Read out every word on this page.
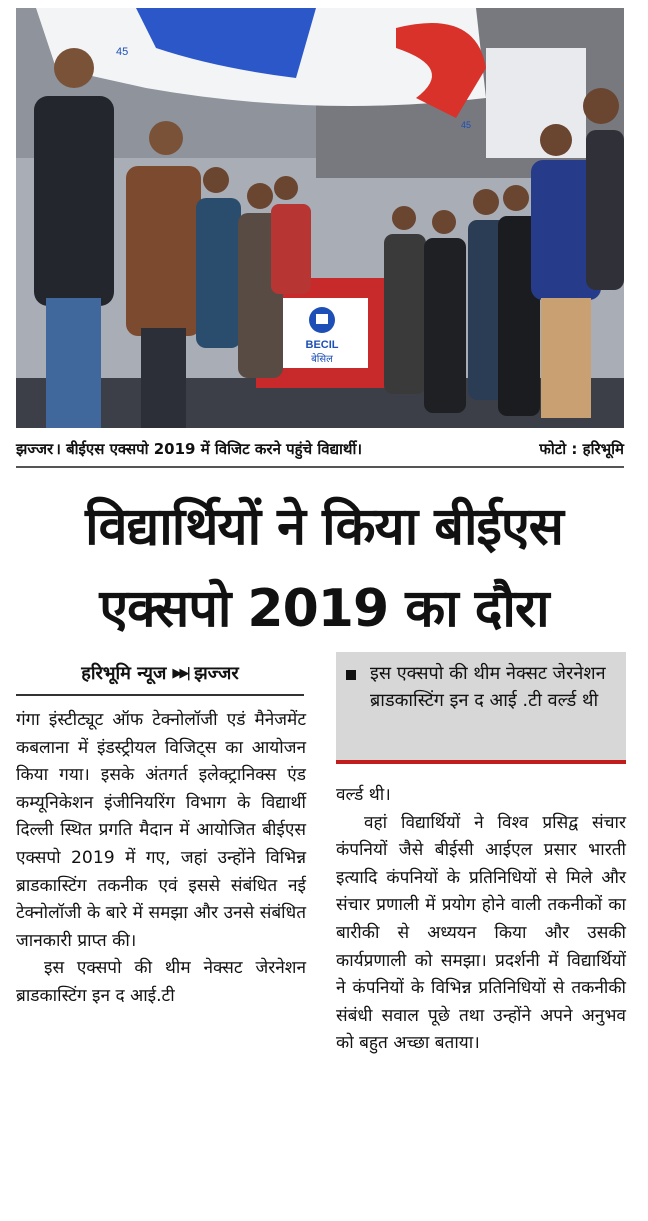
BECIL
बेसिल
45
45
झज्जर । बीईएस एक्सपो 2019 में विजिट करने पहुंचे विद्यार्थी।	फोटो : हरिभूमि
विद्यार्थियों ने किया बीईएस
एक्सपो 2019 का दौरा
हरिभूमि न्यूज ▶▶| झज्जर

गंगा इंस्टीट्यूट ऑफ टेक्नोलॉजी एडं मैनेजमेंट कबलाना में इंडस्ट्रीयल विजिट्स का आयोजन किया गया। इसके अंतगर्त इलेक्ट्रानिक्स एंड कम्यूनिकेशन इंजीनियरिंग विभाग के विद्यार्थी दिल्ली स्थित प्रगति मैदान में आयोजित बीईएस एक्सपो 2019 में गए, जहां उन्होंने विभिन्न ब्राडकास्टिंग तकनीक एवं इससे संबंधित नई टेक्नोलॉजी के बारे में समझा और उनसे संबंधित जानकारी प्राप्त की।

इस एक्सपो की थीम नेक्सट जेरनेशन ब्राडकास्टिंग इन द आई.टी

इस एक्सपो की थीम नेक्सट जेरनेशन ब्राडकास्टिंग इन द आई .टी वर्ल्ड थी

वर्ल्ड थी।

वहां विद्यार्थियों ने विश्व प्रसिद्व संचार कंपनियों जैसे बीईसी आईएल प्रसार भारती इत्यादि कंपनियों के प्रतिनिधियों से मिले और संचार प्रणाली में प्रयोग होने वाली तकनीकों का बारीकी से अध्ययन किया और उसकी कार्यप्रणाली को समझा। प्रदर्शनी में विद्यार्थियों ने कंपनियों के विभिन्न प्रतिनिधियों से तकनीकी संबंधी सवाल पूछे तथा उन्होंने अपने अनुभव को बहुत अच्छा बताया।
